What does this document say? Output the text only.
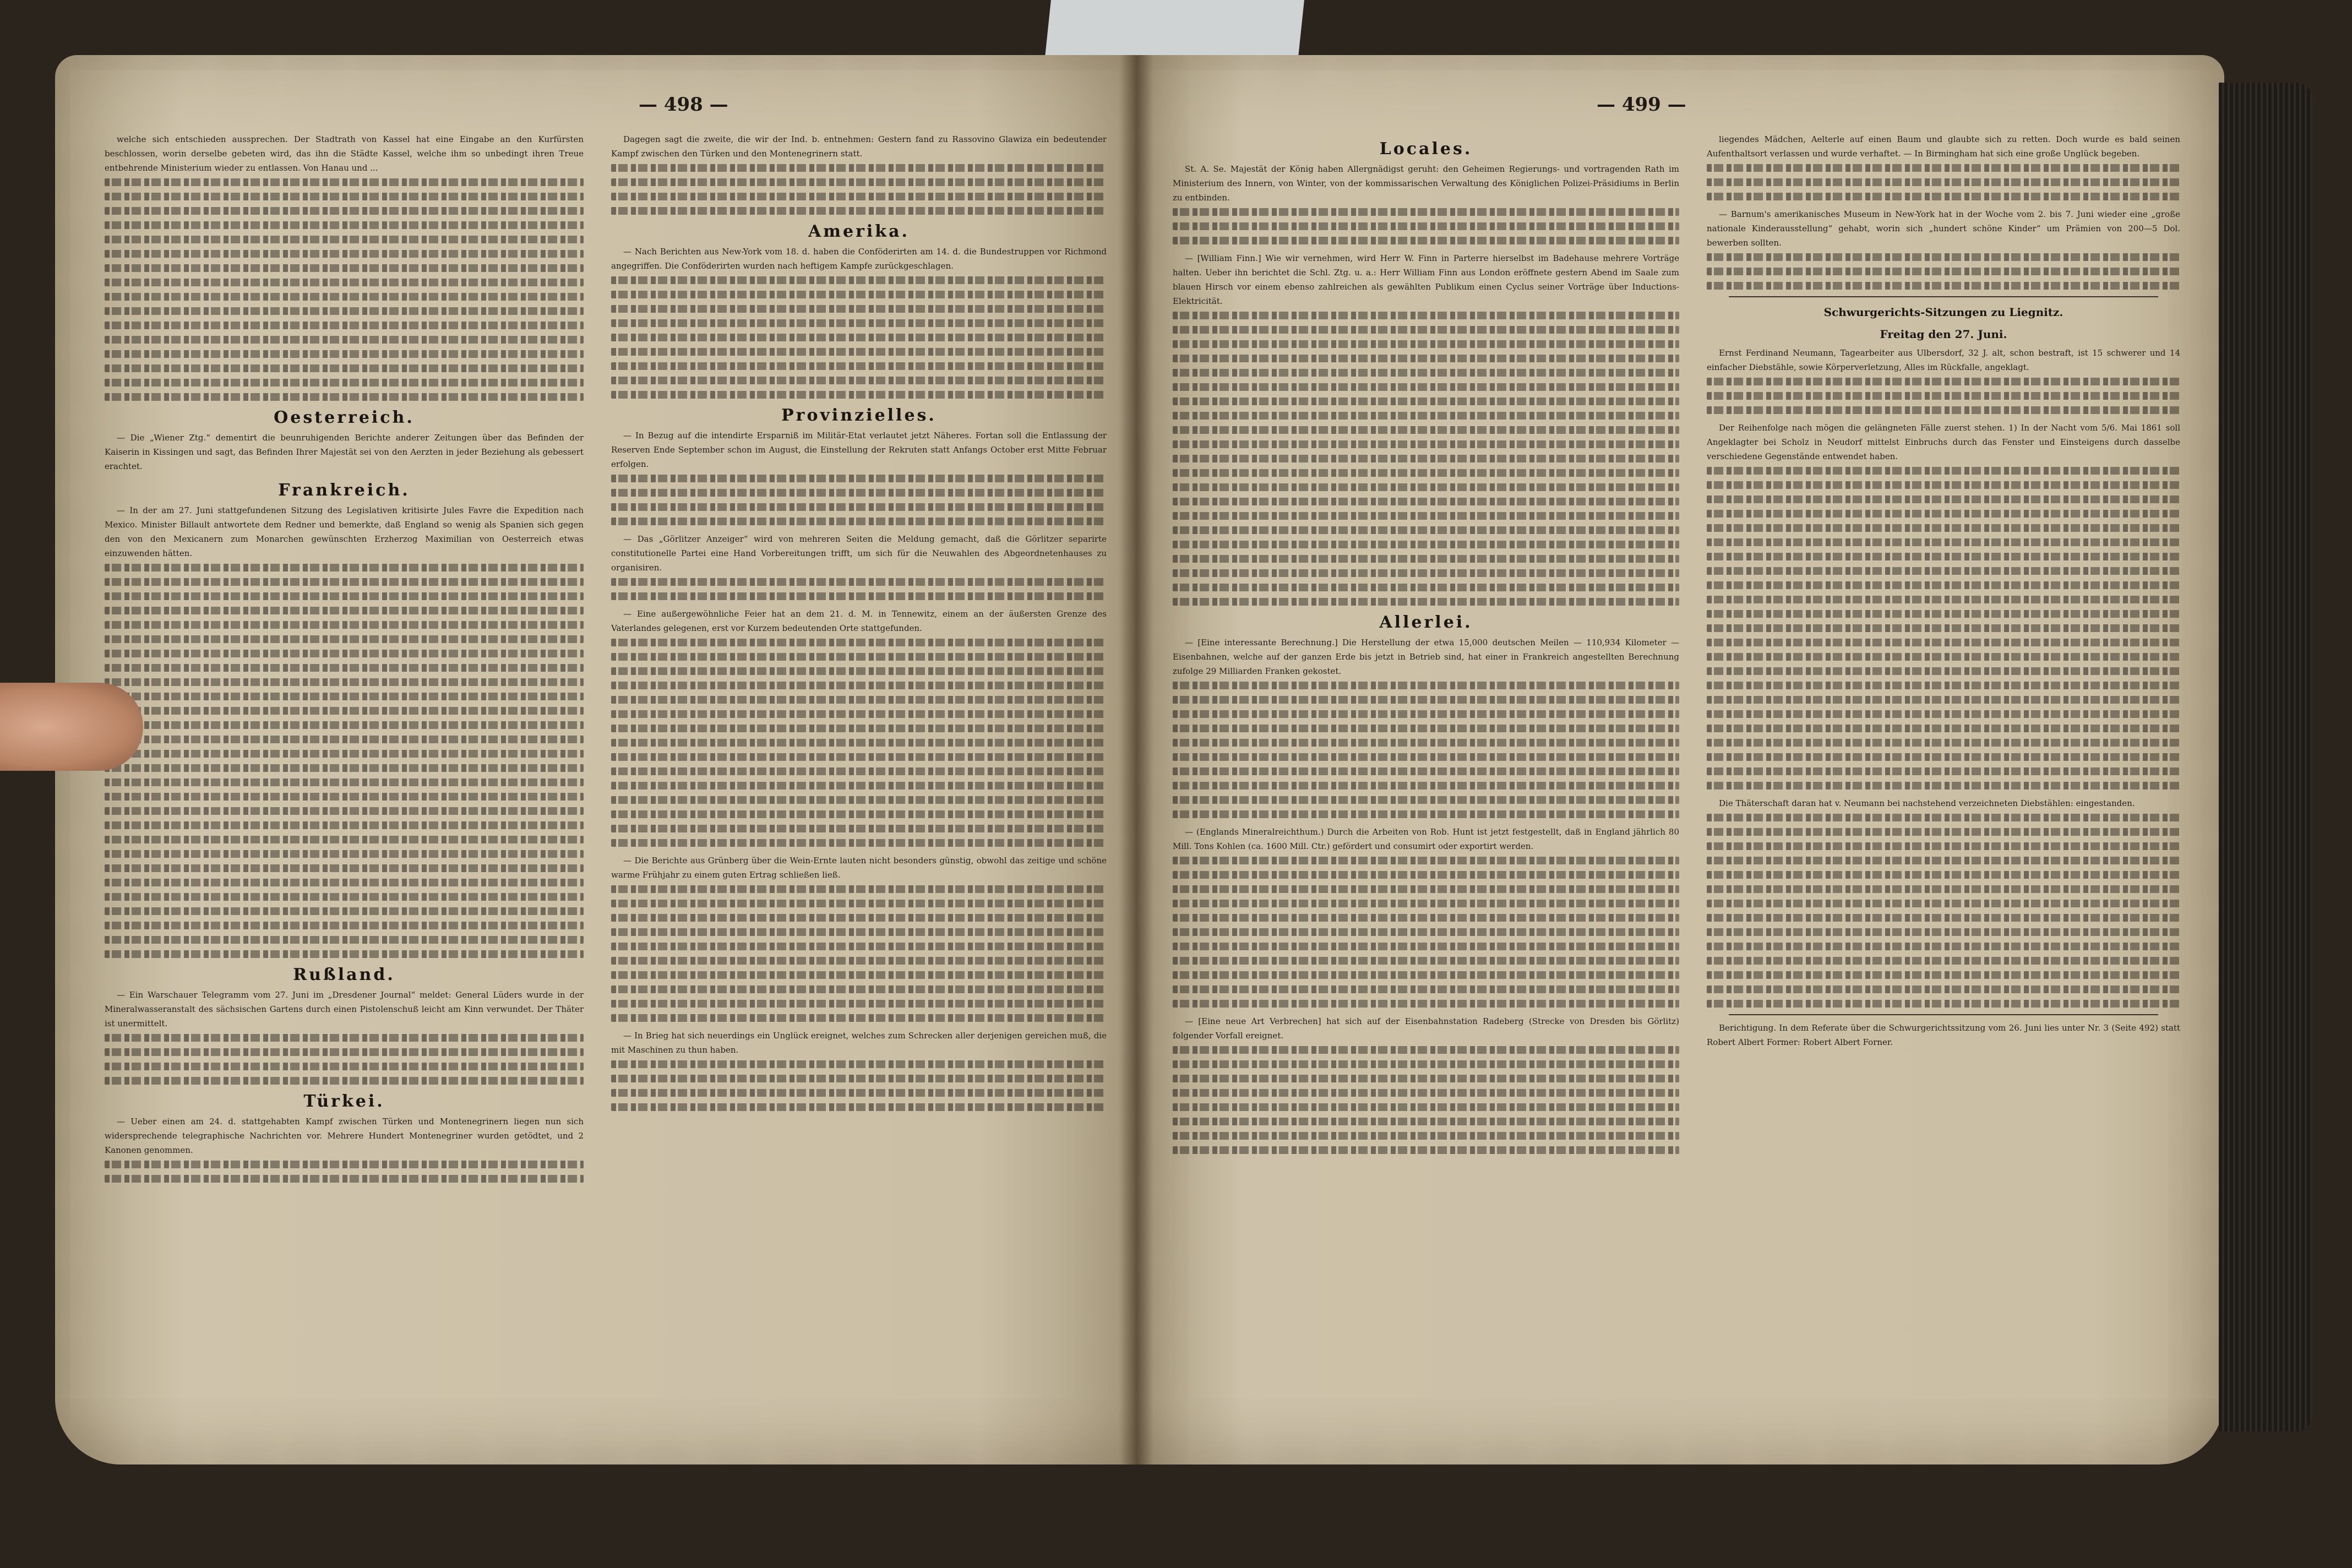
— 498 —

welche sich entschieden aussprechen. Der Stadtrath von Kassel hat eine Eingabe an den Kurfürsten beschlossen, worin derselbe gebeten wird, das ihn die Städte Kassel, welche ihm so unbedingt ihren Treue entbehrende Ministerium wieder zu entlassen. Von Hanau und ...

Oesterreich.

— Die „Wiener Ztg.“ dementirt die beunruhigenden Berichte anderer Zeitungen über das Befinden der Kaiserin in Kissingen und sagt, das Befinden Ihrer Majestät sei von den Aerzten in jeder Beziehung als gebessert erachtet.

Frankreich.

— In der am 27. Juni stattgefundenen Sitzung des Legislativen kritisirte Jules Favre die Expedition nach Mexico. Minister Billault antwortete dem Redner und bemerkte, daß England so wenig als Spanien sich gegen den von den Mexicanern zum Monarchen gewünschten Erzherzog Maximilian von Oesterreich etwas einzuwenden hätten.

Rußland.

— Ein Warschauer Telegramm vom 27. Juni im „Dresdener Journal“ meldet: General Lüders wurde in der Mineralwasseranstalt des sächsischen Gartens durch einen Pistolenschuß leicht am Kinn verwundet. Der Thäter ist unermittelt.

Türkei.

— Ueber einen am 24. d. stattgehabten Kampf zwischen Türken und Montenegrinern liegen nun sich widersprechende telegraphische Nachrichten vor. Mehrere Hundert Montenegriner wurden getödtet, und 2 Kanonen genommen.

Dagegen sagt die zweite, die wir der Ind. b. entnehmen: Gestern fand zu Rassovino Glawiza ein bedeutender Kampf zwischen den Türken und den Montenegrinern statt.

Amerika.

— Nach Berichten aus New-York vom 18. d. haben die Conföderirten am 14. d. die Bundestruppen vor Richmond angegriffen. Die Conföderirten wurden nach heftigem Kampfe zurückgeschlagen.

Provinzielles.

— In Bezug auf die intendirte Ersparniß im Militär-Etat verlautet jetzt Näheres. Fortan soll die Entlassung der Reserven Ende September schon im August, die Einstellung der Rekruten statt Anfangs October erst Mitte Februar erfolgen.

— Das „Görlitzer Anzeiger“ wird von mehreren Seiten die Meldung gemacht, daß die Görlitzer separirte constitutionelle Partei eine Hand Vorbereitungen trifft, um sich für die Neuwahlen des Abgeordnetenhauses zu organisiren.

— Eine außergewöhnliche Feier hat an dem 21. d. M. in Tennewitz, einem an der äußersten Grenze des Vaterlandes gelegenen, erst vor Kurzem bedeutenden Orte stattgefunden.

— Die Berichte aus Grünberg über die Wein-Ernte lauten nicht besonders günstig, obwohl das zeitige und schöne warme Frühjahr zu einem guten Ertrag schließen ließ.

— In Brieg hat sich neuerdings ein Unglück ereignet, welches zum Schrecken aller derjenigen gereichen muß, die mit Maschinen zu thun haben.

— 499 —
Locales.

St. A. Se. Majestät der König haben Allergnädigst geruht: den Geheimen Regierungs- und vortragenden Rath im Ministerium des Innern, von Winter, von der kommissarischen Verwaltung des Königlichen Polizei-Präsidiums in Berlin zu entbinden.

— [William Finn.] Wie wir vernehmen, wird Herr W. Finn in Parterre hierselbst im Badehause mehrere Vorträge halten. Ueber ihn berichtet die Schl. Ztg. u. a.: Herr William Finn aus London eröffnete gestern Abend im Saale zum blauen Hirsch vor einem ebenso zahlreichen als gewählten Publikum einen Cyclus seiner Vorträge über Inductions-Elektricität.

Allerlei.

— [Eine interessante Berechnung.] Die Herstellung der etwa 15,000 deutschen Meilen — 110,934 Kilometer — Eisenbahnen, welche auf der ganzen Erde bis jetzt in Betrieb sind, hat einer in Frankreich angestellten Berechnung zufolge 29 Milliarden Franken gekostet.

— (Englands Mineralreichthum.) Durch die Arbeiten von Rob. Hunt ist jetzt festgestellt, daß in England jährlich 80 Mill. Tons Kohlen (ca. 1600 Mill. Ctr.) gefördert und consumirt oder exportirt werden.

— [Eine neue Art Verbrechen] hat sich auf der Eisenbahnstation Radeberg (Strecke von Dresden bis Görlitz) folgender Vorfall ereignet.

liegendes Mädchen, Aelterle auf einen Baum und glaubte sich zu retten. Doch wurde es bald seinen Aufenthaltsort verlassen und wurde verhaftet. — In Birmingham hat sich eine große Unglück begeben.

— Barnum's amerikanisches Museum in New-York hat in der Woche vom 2. bis 7. Juni wieder eine „große nationale Kinderausstellung“ gehabt, worin sich „hundert schöne Kinder“ um Prämien von 200—5 Dol. bewerben sollten.

Schwurgerichts-Sitzungen zu Liegnitz.
Freitag den 27. Juni.

Ernst Ferdinand Neumann, Tagearbeiter aus Ulbersdorf, 32 J. alt, schon bestraft, ist 15 schwerer und 14 einfacher Diebstähle, sowie Körperverletzung, Alles im Rückfalle, angeklagt.

Der Reihenfolge nach mögen die gelängneten Fälle zuerst stehen. 1) In der Nacht vom 5/6. Mai 1861 soll Angeklagter bei Scholz in Neudorf mittelst Einbruchs durch das Fenster und Einsteigens durch dasselbe verschiedene Gegenstände entwendet haben.

Die Thäterschaft daran hat v. Neumann bei nachstehend verzeichneten Diebstählen: eingestanden.

Berichtigung. In dem Referate über die Schwurgerichtssitzung vom 26. Juni lies unter Nr. 3 (Seite 492) statt Robert Albert Former: Robert Albert Forner.
